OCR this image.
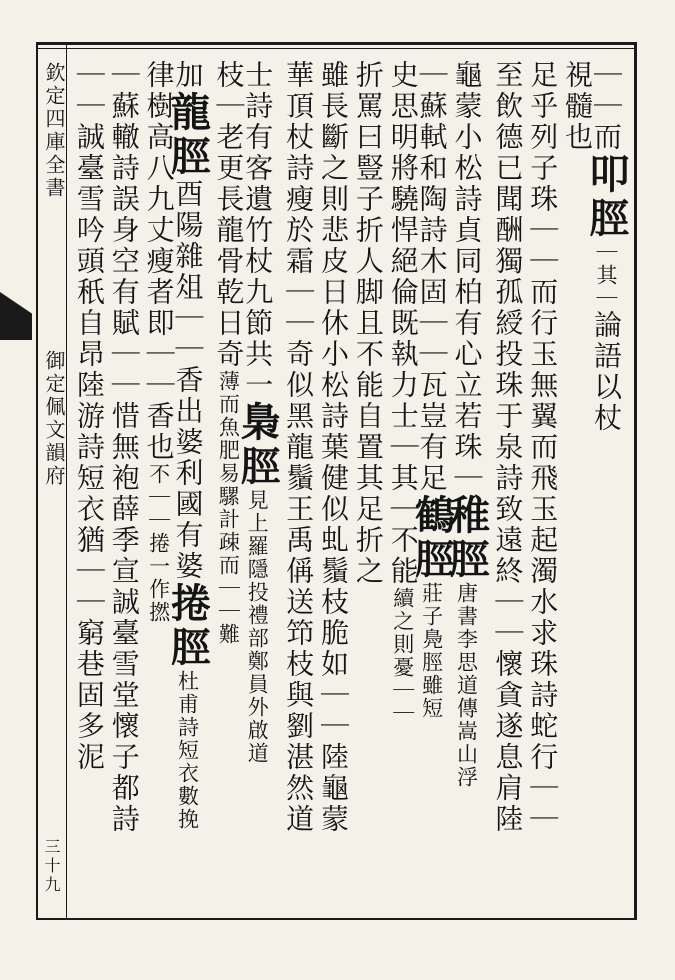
欽定四庫全書
御定佩文韻府
三十九
｜｜而叩脛｜其｜論語以杖
視髓也
足乎列子珠｜｜而行玉無翼而飛玉起濁水求珠詩蛇行｜｜
至飲德已聞酬獨孤綬投珠于泉詩致遠終｜｜懷貪遂息肩陸
龜蒙小松詩貞同柏有心立若珠｜稚脛唐書李思道傳嵩山浮
｜蘇軾和陶詩木固｜｜瓦豈有足鶴脛莊子鳧脛雖短
史思明將驍悍絕倫既執力士｜其｜不能續之則憂｜｜
折罵曰豎子折人脚且不能自置其足折之
雖長斷之則悲皮日休小松詩葉健似虬鬚枝脆如｜｜陸龜蒙
華頂杖詩瘦於霜｜｜奇似黑龍鬚王禹偁送笻枝與劉湛然道
士詩有客遺竹杖九節共一梟脛見上羅隱投禮部鄭員外啟道
枝｜老更長龍骨乾日奇薄而魚肥易騾計疎而｜｜難
加龍脛酉陽雜俎｜｜香出婆利國有婆捲脛杜甫詩短衣數挽
律樹高八九丈瘦者即｜｜香也不｜｜捲一作撚
｜蘇轍詩誤身空有賦｜｜惜無袍薛季宣誠臺雪堂懷子都詩
｜｜誠臺雪吟頭秖自昂陸游詩短衣猶｜｜窮巷固多泥
